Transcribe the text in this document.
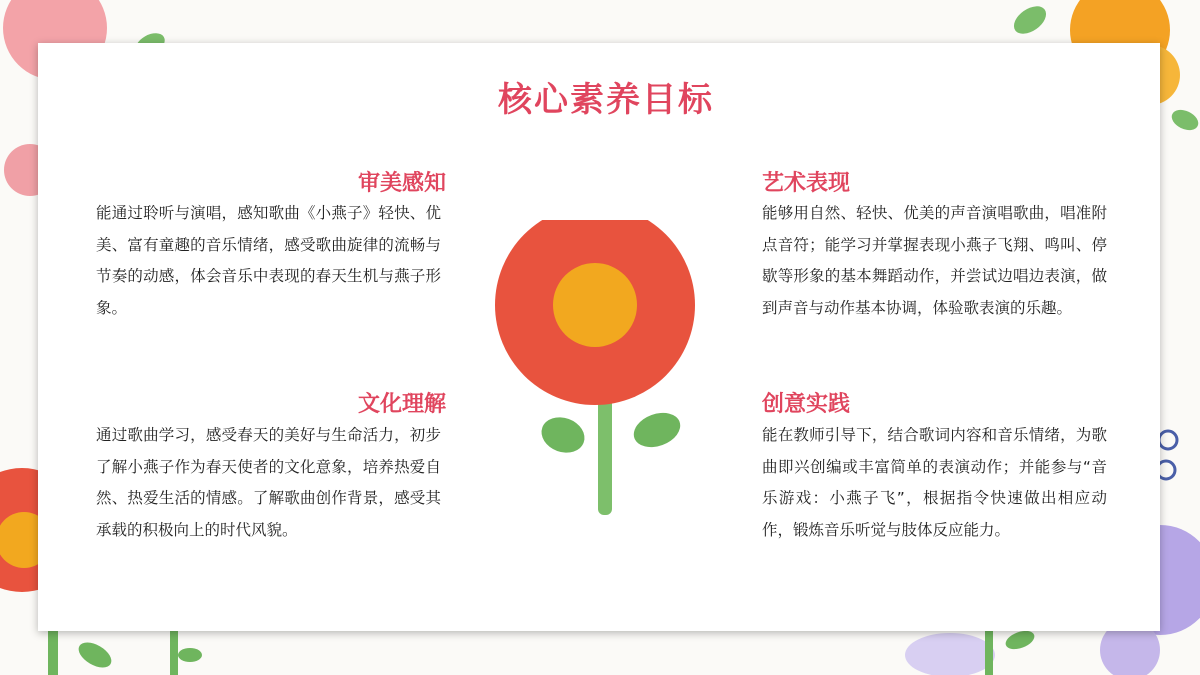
核心素养目标
审美感知

能通过聆听与演唱，感知歌曲《小燕子》轻快、优美、富有童趣的音乐情绪，感受歌曲旋律的流畅与节奏的动感，体会音乐中表现的春天生机与燕子形象。

艺术表现

能够用自然、轻快、优美的声音演唱歌曲，唱准附点音符；能学习并掌握表现小燕子飞翔、鸣叫、停歇等形象的基本舞蹈动作，并尝试边唱边表演，做到声音与动作基本协调，体验歌表演的乐趣。

文化理解

通过歌曲学习，感受春天的美好与生命活力，初步了解小燕子作为春天使者的文化意象，培养热爱自然、热爱生活的情感。了解歌曲创作背景，感受其承载的积极向上的时代风貌。

创意实践

能在教师引导下，结合歌词内容和音乐情绪，为歌曲即兴创编或丰富简单的表演动作；并能参与“音乐游戏：小燕子飞”，根据指令快速做出相应动作，锻炼音乐听觉与肢体反应能力。
